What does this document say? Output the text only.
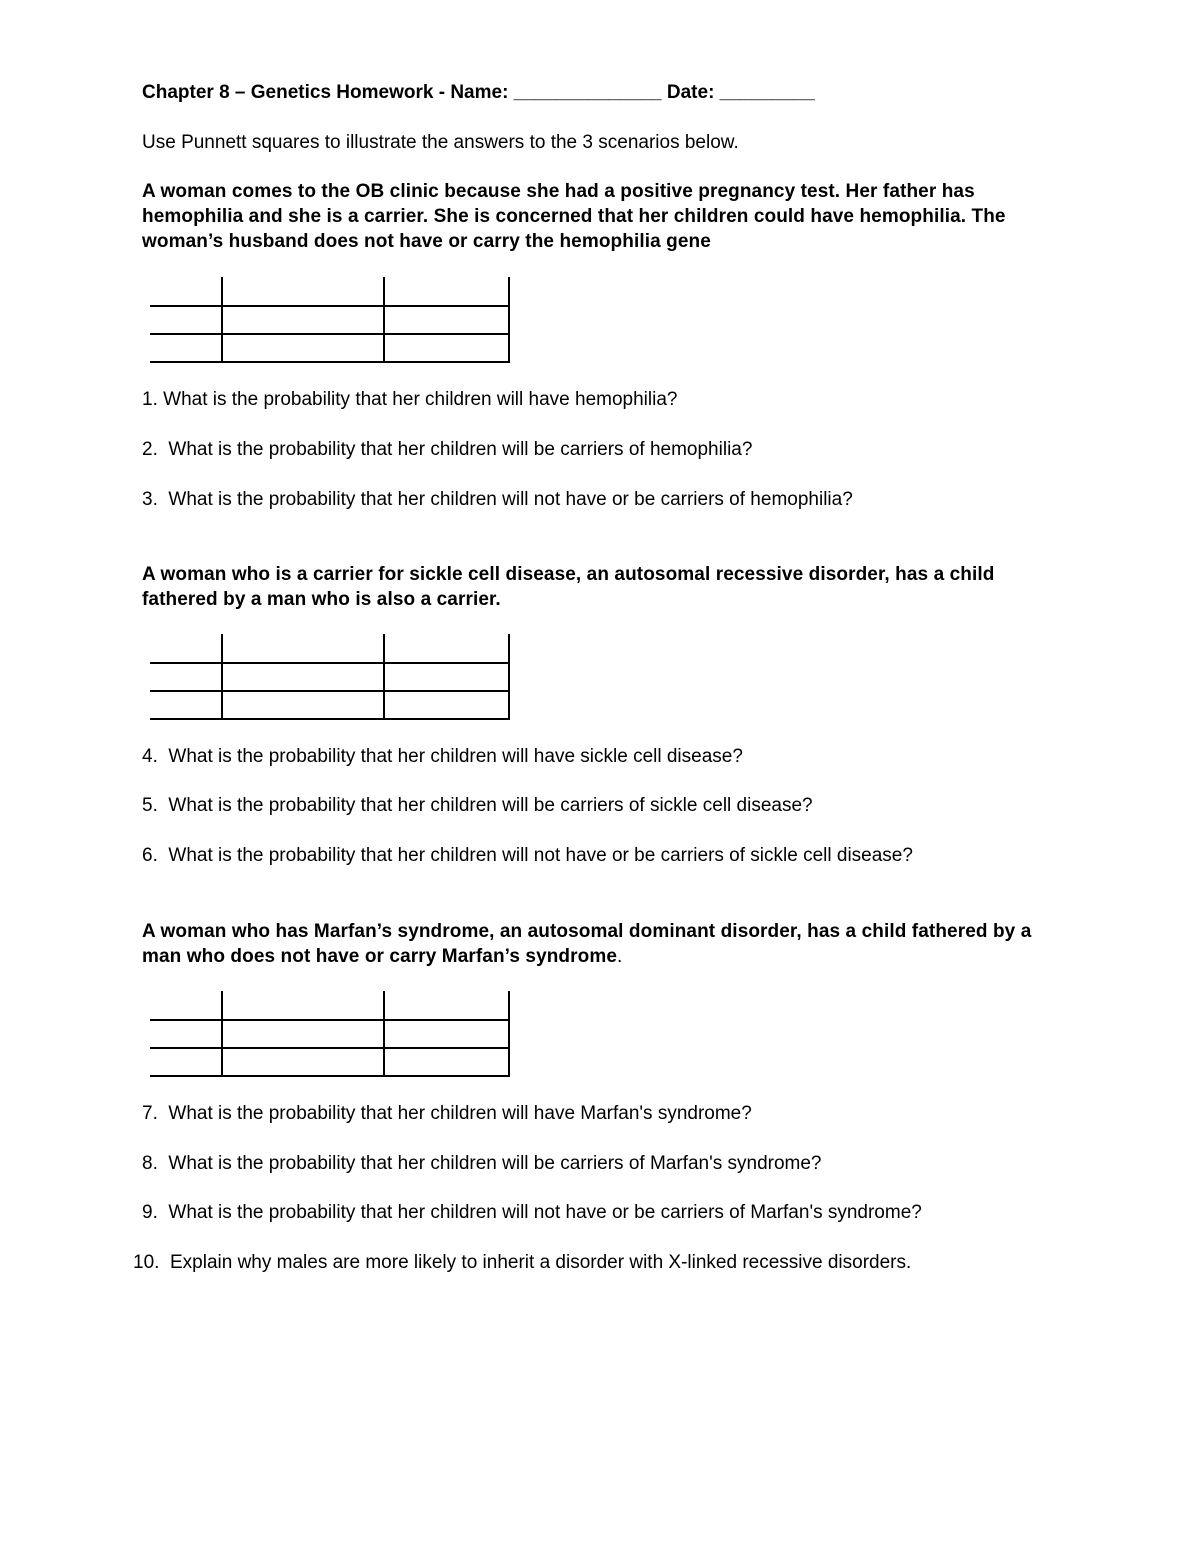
Chapter 8 – Genetics Homework - Name: ______________ Date: _________
Use Punnett squares to illustrate the answers to the 3 scenarios below.
A woman comes to the OB clinic because she had a positive pregnancy test. Her father has hemophilia and she is a carrier. She is concerned that her children could have hemophilia. The woman’s husband does not have or carry the hemophilia gene
1. What is the probability that her children will have hemophilia?
2. What is the probability that her children will be carriers of hemophilia?
3. What is the probability that her children will not have or be carriers of hemophilia?
A woman who is a carrier for sickle cell disease, an autosomal recessive disorder, has a child fathered by a man who is also a carrier.
4. What is the probability that her children will have sickle cell disease?
5. What is the probability that her children will be carriers of sickle cell disease?
6. What is the probability that her children will not have or be carriers of sickle cell disease?
A woman who has Marfan’s syndrome, an autosomal dominant disorder, has a child fathered by a man who does not have or carry Marfan’s syndrome.
7. What is the probability that her children will have Marfan's syndrome?
8. What is the probability that her children will be carriers of Marfan's syndrome?
9. What is the probability that her children will not have or be carriers of Marfan's syndrome?
10. Explain why males are more likely to inherit a disorder with X-linked recessive disorders.
